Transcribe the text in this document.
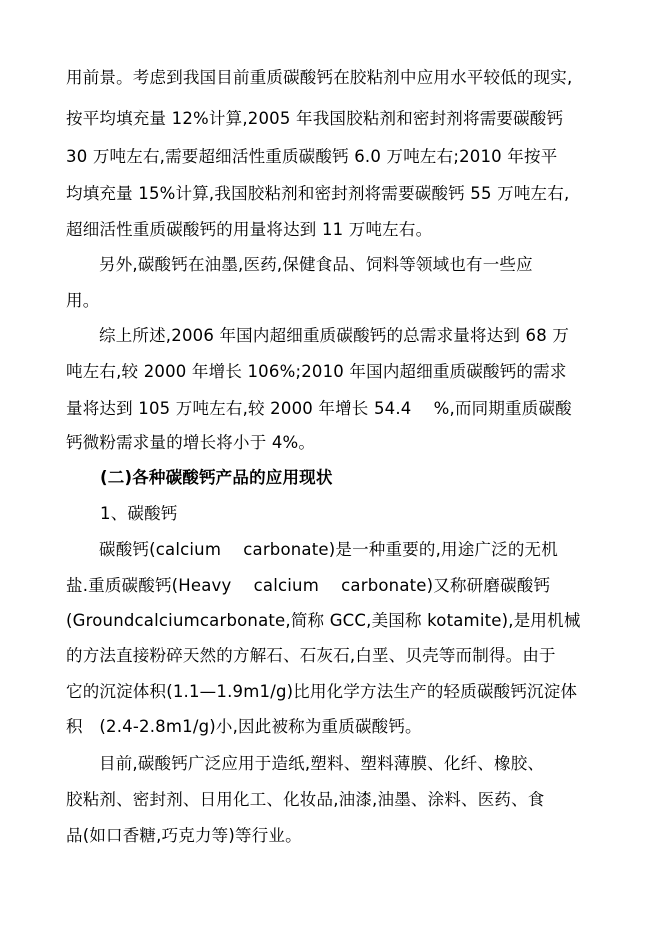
用前景。考虑到我国目前重质碳酸钙在胶粘剂中应用水平较低的现实,
按平均填充量 12%计算,2005 年我国胶粘剂和密封剂将需要碳酸钙
30 万吨左右,需要超细活性重质碳酸钙 6.0 万吨左右;2010 年按平
均填充量 15%计算,我国胶粘剂和密封剂将需要碳酸钙 55 万吨左右,
超细活性重质碳酸钙的用量将达到 11 万吨左右。
另外,碳酸钙在油墨,医药,保健食品、饲料等领域也有一些应
用。
综上所述,2006 年国内超细重质碳酸钙的总需求量将达到 68 万
吨左右,较 2000 年增长 106%;2010 年国内超细重质碳酸钙的需求
量将达到 105 万吨左右,较 2000 年增长 54.4　 %,而同期重质碳酸
钙微粉需求量的增长将小于 4%。
(二)各种碳酸钙产品的应用现状
1、碳酸钙
碳酸钙(calcium　 carbonate)是一种重要的,用途广泛的无机
盐.重质碳酸钙(Heavy　 calcium　 carbonate)又称研磨碳酸钙
(Groundcalciumcarbonate,简称 GCC,美国称 kotamite),是用机械
的方法直接粉碎天然的方解石、石灰石,白垩、贝壳等而制得。由于
它的沉淀体积(1.1—1.9m1/g)比用化学方法生产的轻质碳酸钙沉淀体
积　(2.4-2.8m1/g)小,因此被称为重质碳酸钙。
目前,碳酸钙广泛应用于造纸,塑料、塑料薄膜、化纤、橡胶、
胶粘剂、密封剂、日用化工、化妆品,油漆,油墨、涂料、医药、食
品(如口香糖,巧克力等)等行业。
